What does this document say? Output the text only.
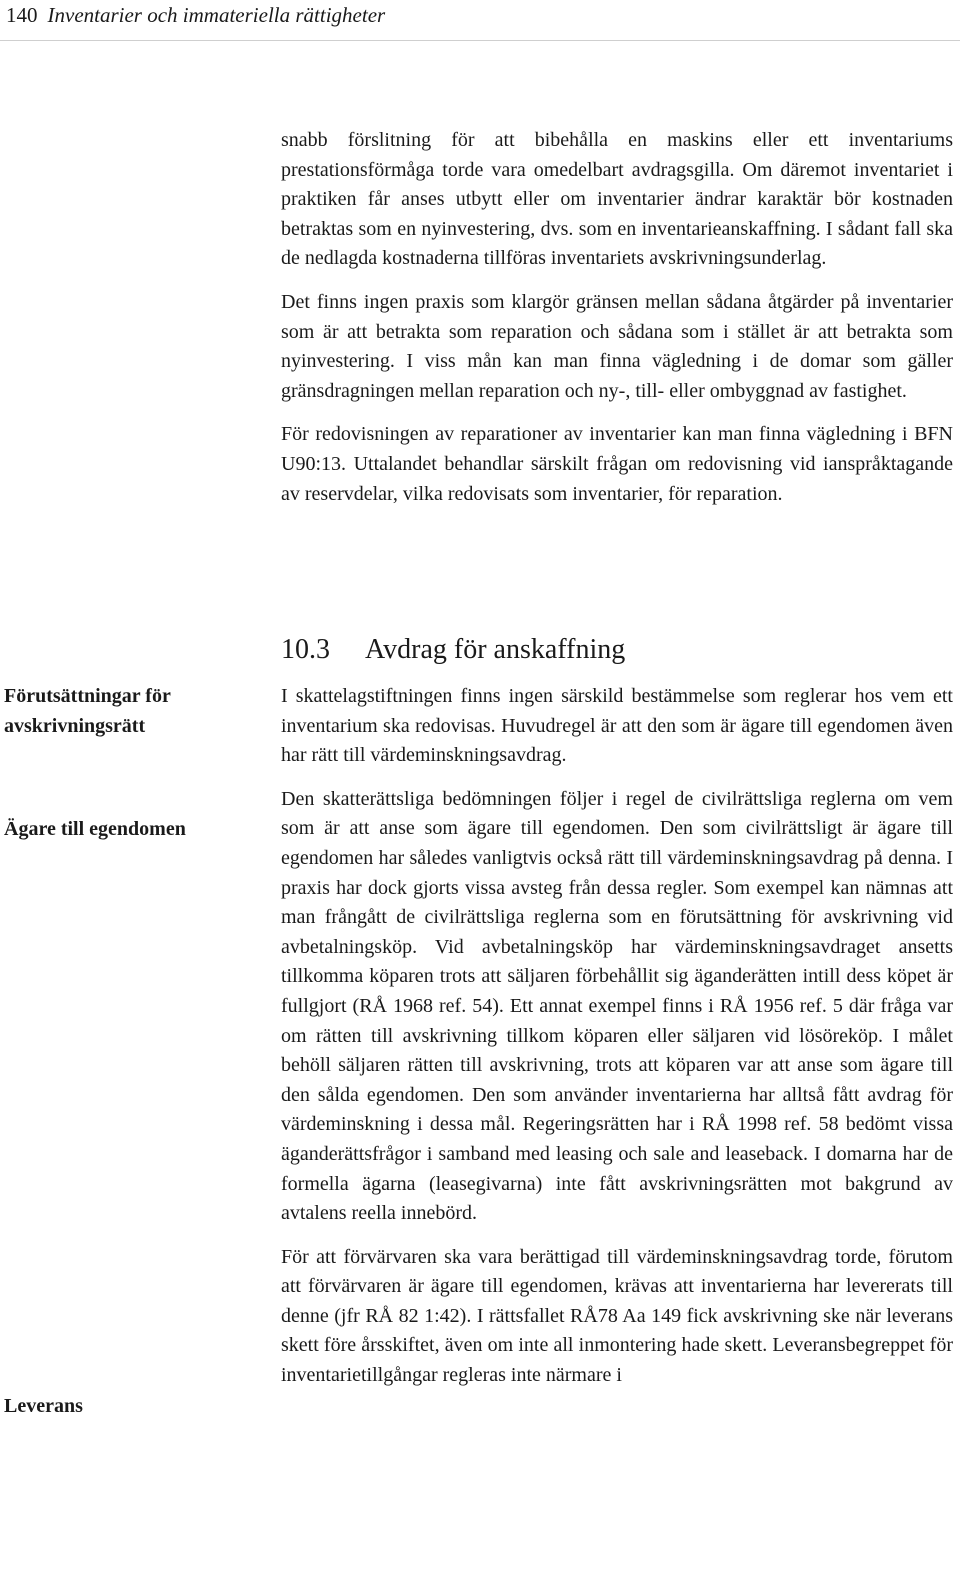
140 Inventarier och immateriella rättigheter

snabb förslitning för att bibehålla en maskins eller ett inventariums prestationsförmåga torde vara omedelbart avdragsgilla. Om däremot inventariet i praktiken får anses utbytt eller om inventarier ändrar karaktär bör kostnaden betraktas som en nyinvestering, dvs. som en inventarieanskaffning. I sådant fall ska de nedlagda kostnaderna tillföras inventariets avskrivningsunderlag.

Det finns ingen praxis som klargör gränsen mellan sådana åtgärder på inventarier som är att betrakta som reparation och sådana som i stället är att betrakta som nyinvestering. I viss mån kan man finna vägledning i de domar som gäller gränsdragningen mellan reparation och ny-, till- eller ombyggnad av fastighet.

För redovisningen av reparationer av inventarier kan man finna vägledning i BFN U90:13. Uttalandet behandlar särskilt frågan om redovisning vid ianspråktagande av reservdelar, vilka redovisats som inventarier, för reparation.

10.3 Avdrag för anskaffning

I skattelagstiftningen finns ingen särskild bestämmelse som reglerar hos vem ett inventarium ska redovisas. Huvudregel är att den som är ägare till egendomen även har rätt till värdeminskningsavdrag.

Den skatterättsliga bedömningen följer i regel de civilrättsliga reglerna om vem som är att anse som ägare till egendomen. Den som civilrättsligt är ägare till egendomen har således vanligtvis också rätt till värdeminskningsavdrag på denna. I praxis har dock gjorts vissa avsteg från dessa regler. Som exempel kan nämnas att man frångått de civilrättsliga reglerna som en förutsättning för avskrivning vid avbetalningsköp. Vid avbetalningsköp har värdeminskningsavdraget ansetts tillkomma köparen trots att säljaren förbehållit sig äganderätten intill dess köpet är fullgjort (RÅ 1968 ref. 54). Ett annat exempel finns i RÅ 1956 ref. 5 där fråga var om rätten till avskrivning tillkom köparen eller säljaren vid lösöreköp. I målet behöll säljaren rätten till avskrivning, trots att köparen var att anse som ägare till den sålda egendomen. Den som använder inventarierna har alltså fått avdrag för värdeminskning i dessa mål. Regeringsrätten har i RÅ 1998 ref. 58 bedömt vissa äganderättsfrågor i samband med leasing och sale and leaseback. I domarna har de formella ägarna (leasegivarna) inte fått avskrivningsrätten mot bakgrund av avtalens reella innebörd.

För att förvärvaren ska vara berättigad till värdeminskningsavdrag torde, förutom att förvärvaren är ägare till egendomen, krävas att inventarierna har levererats till denne (jfr RÅ 82 1:42). I rättsfallet RÅ78 Aa 149 fick avskrivning ske när leverans skett före årsskiftet, även om inte all inmontering hade skett. Leveransbegreppet för inventarietillgångar regleras inte närmare i

Förutsättningar för avskrivningsrätt
Ägare till egendomen
Leverans
